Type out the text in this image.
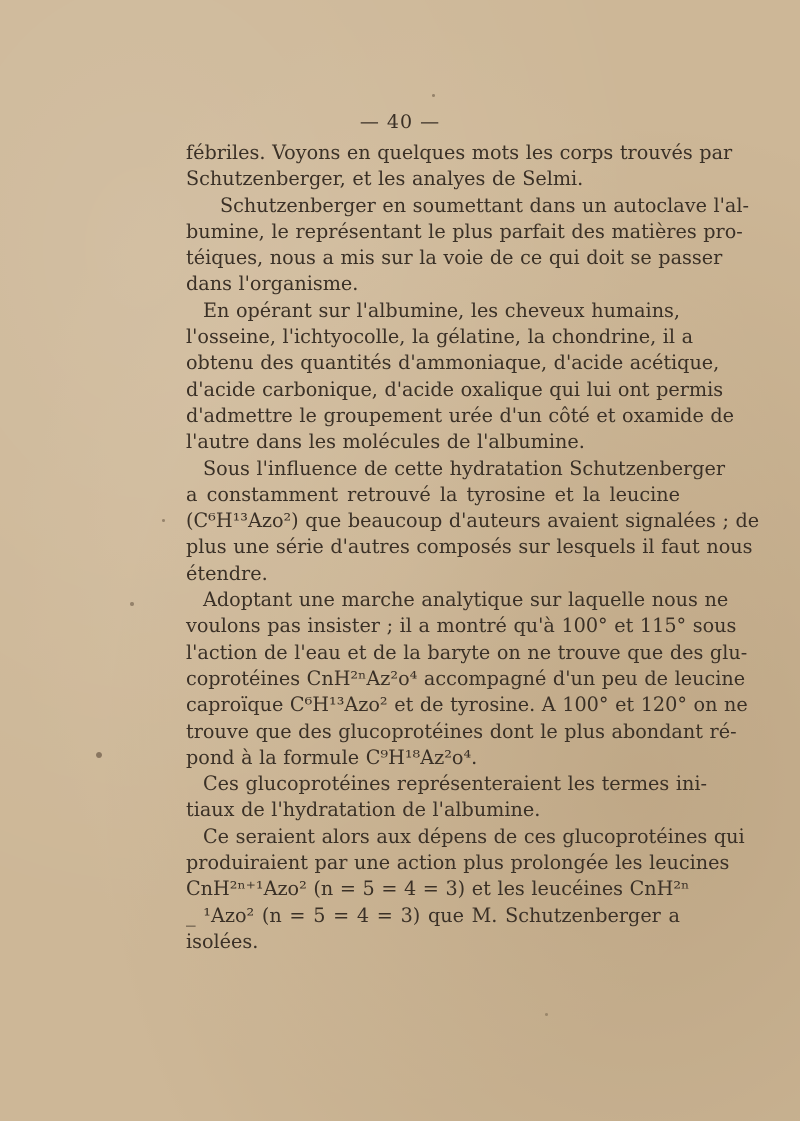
— 40 —

fébriles. Voyons en quelques mots les corps trouvés par
Schutzenberger, et les analyes de Selmi.

Schutzenberger en soumettant dans un autoclave l'al-
bumine, le représentant le plus parfait des matières pro-
téiques, nous a mis sur la voie de ce qui doit se passer
dans l'organisme.

En opérant sur l'albumine, les cheveux humains,
l'osseine, l'ichtyocolle, la gélatine, la chondrine, il a
obtenu des quantités d'ammoniaque, d'acide acétique,
d'acide carbonique, d'acide oxalique qui lui ont permis
d'admettre le groupement urée d'un côté et oxamide de
l'autre dans les molécules de l'albumine.

Sous l'influence de cette hydratation Schutzenberger
a constamment retrouvé la tyrosine et la leucine
(C⁶H¹³Azo²) que beaucoup d'auteurs avaient signalées ; de
plus une série d'autres composés sur lesquels il faut nous
étendre.

Adoptant une marche analytique sur laquelle nous ne
voulons pas insister ; il a montré qu'à 100° et 115° sous
l'action de l'eau et de la baryte on ne trouve que des glu-
coprotéines CnH²ⁿAz²o⁴ accompagné d'un peu de leucine
caproïque C⁶H¹³Azo² et de tyrosine. A 100° et 120° on ne
trouve que des glucoprotéines dont le plus abondant ré-
pond à la formule C⁹H¹⁸Az²o⁴.

Ces glucoprotéines représenteraient les termes ini-
tiaux de l'hydratation de l'albumine.

Ce seraient alors aux dépens de ces glucoprotéines qui
produiraient par une action plus prolongée les leucines
CnH²ⁿ⁺¹Azo² (n = 5 = 4 = 3) et les leucéines CnH²ⁿ
_ ¹Azo² (n = 5 = 4 = 3) que M. Schutzenberger a
isolées.
